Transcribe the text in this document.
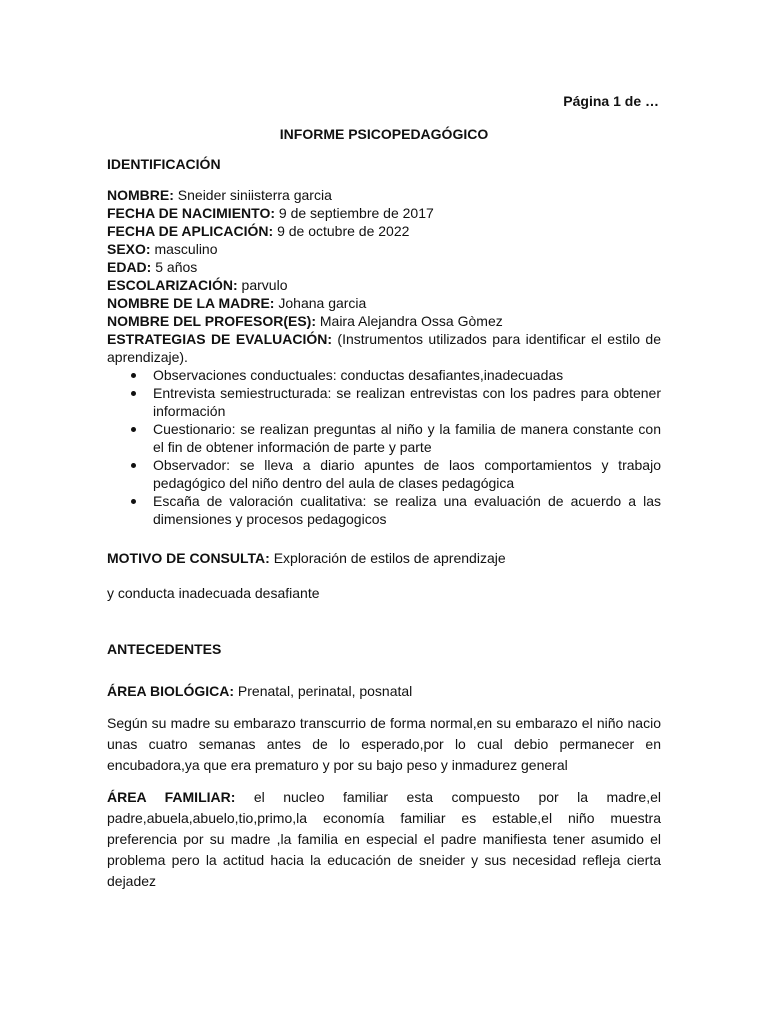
Página 1 de …
INFORME PSICOPEDAGÓGICO
IDENTIFICACIÓN

NOMBRE: Sneider siniisterra garcia

FECHA DE NACIMIENTO: 9 de septiembre de 2017

FECHA DE APLICACIÓN: 9 de octubre de 2022

SEXO: masculino

EDAD: 5 años

ESCOLARIZACIÓN: parvulo

NOMBRE DE LA MADRE: Johana garcia

NOMBRE DEL PROFESOR(ES): Maira Alejandra Ossa Gòmez

ESTRATEGIAS DE EVALUACIÓN: (Instrumentos utilizados para identificar el estilo de aprendizaje).

Observaciones conductuales: conductas desafiantes,inadecuadas
Entrevista semiestructurada: se realizan entrevistas con los padres para obtener información
Cuestionario: se realizan preguntas al niño y la familia de manera constante con el fin de obtener información de parte y parte
Observador: se lleva a diario apuntes de laos comportamientos y trabajo pedagógico del niño dentro del aula de clases pedagógica
Escaña de valoración cualitativa: se realiza una evaluación de acuerdo a las dimensiones y procesos pedagogicos

MOTIVO DE CONSULTA: Exploración de estilos de aprendizaje

y conducta inadecuada desafiante

ANTECEDENTES

ÁREA BIOLÓGICA: Prenatal, perinatal, posnatal

Según su madre su embarazo transcurrio de forma normal,en su embarazo el niño nacio unas cuatro semanas antes de lo esperado,por lo cual debio permanecer en encubadora,ya que era prematuro y por su bajo peso y inmadurez general

ÁREA FAMILIAR: el nucleo familiar esta compuesto por la madre,el padre,abuela,abuelo,tio,primo,la economía familiar es estable,el niño muestra preferencia por su madre ,la familia en especial el padre manifiesta tener asumido el problema pero la actitud hacia la educación de sneider y sus necesidad refleja cierta dejadez
